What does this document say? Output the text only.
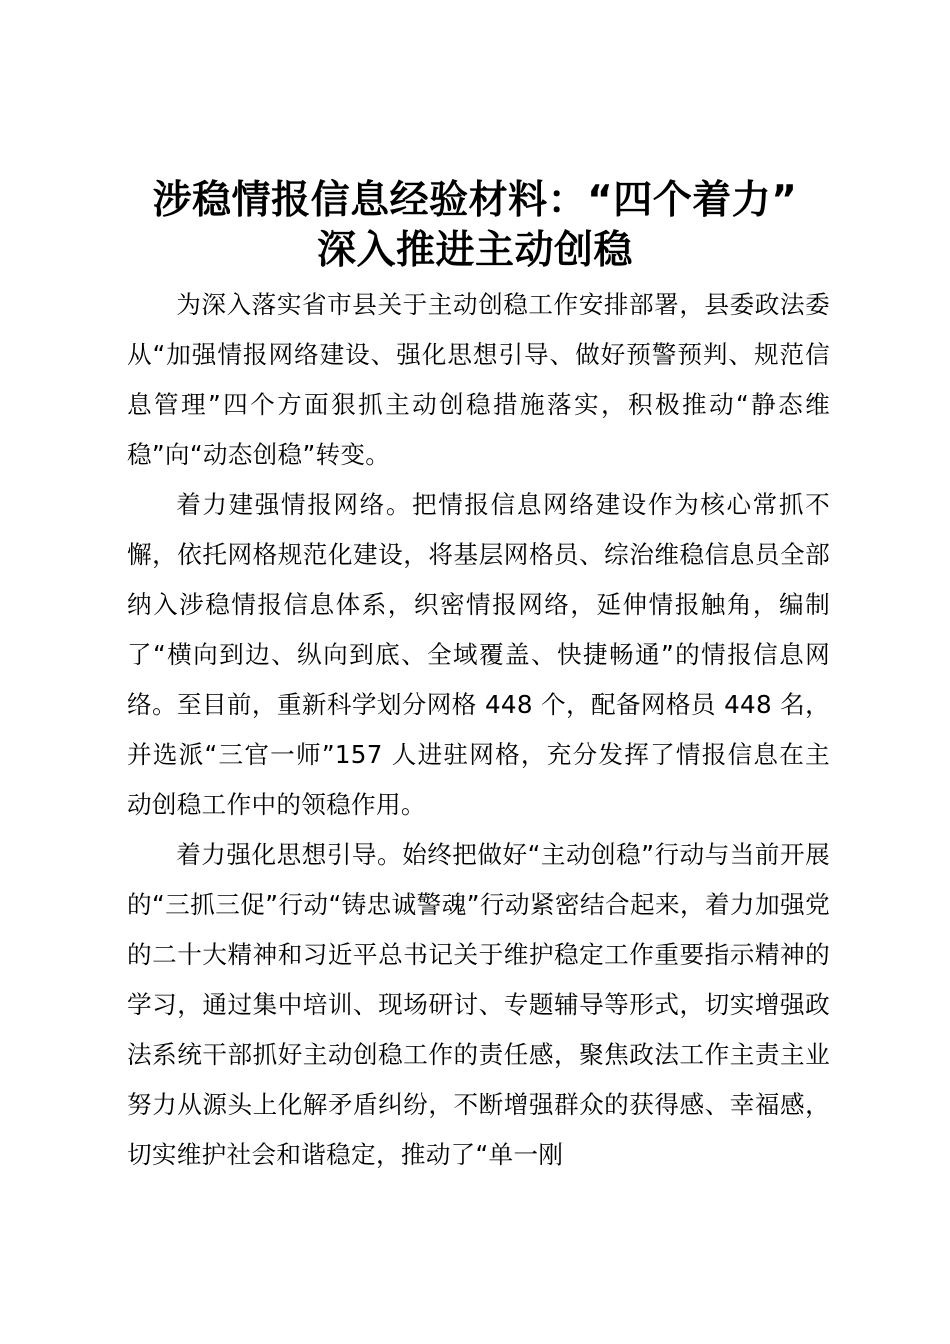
涉稳情报信息经验材料：“四个着力”
深入推进主动创稳

为深入落实省市县关于主动创稳工作安排部署，县委政法委从“加强情报网络建设、强化思想引导、做好预警预判、规范信息管理”四个方面狠抓主动创稳措施落实，积极推动“静态维稳”向“动态创稳”转变。

着力建强情报网络。把情报信息网络建设作为核心常抓不懈，依托网格规范化建设，将基层网格员、综治维稳信息员全部纳入涉稳情报信息体系，织密情报网络，延伸情报触角，编制了“横向到边、纵向到底、全域覆盖、快捷畅通”的情报信息网络。至目前，重新科学划分网格 448 个，配备网格员 448 名，并选派“三官一师”157 人进驻网格，充分发挥了情报信息在主动创稳工作中的领稳作用。

着力强化思想引导。始终把做好“主动创稳”行动与当前开展的“三抓三促”行动“铸忠诚警魂”行动紧密结合起来，着力加强党的二十大精神和习近平总书记关于维护稳定工作重要指示精神的学习，通过集中培训、现场研讨、专题辅导等形式，切实增强政法系统干部抓好主动创稳工作的责任感，聚焦政法工作主责主业努力从源头上化解矛盾纠纷，不断增强群众的获得感、幸福感，切实维护社会和谐稳定，推动了“单一刚
